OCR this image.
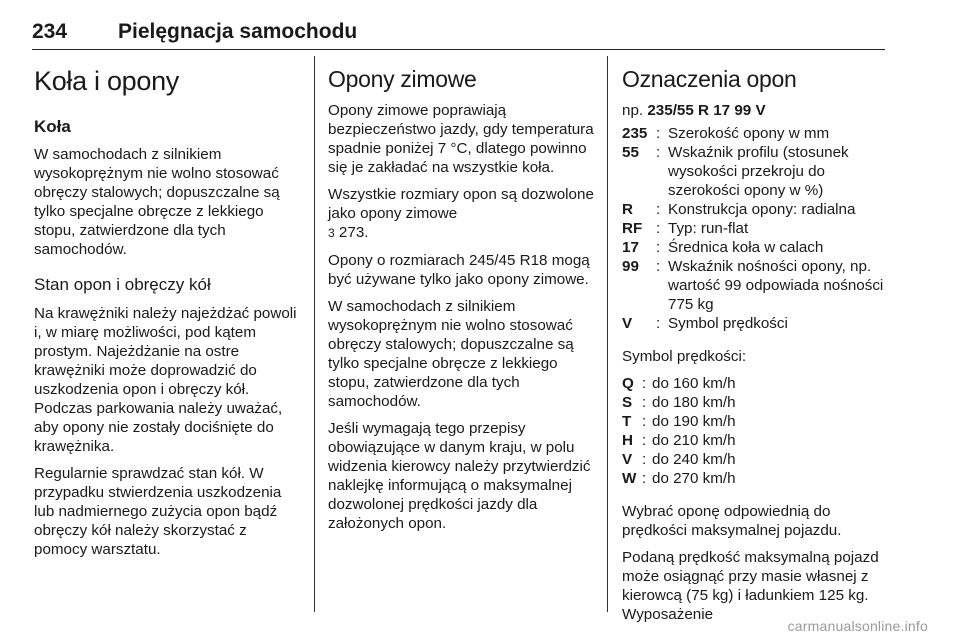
234 Pielęgnacja samochodu
Koła i opony
Koła

W samochodach z silnikiem wysokoprężnym nie wolno stosować obręczy stalowych; dopuszczalne są tylko specjalne obręcze z lekkiego stopu, zatwierdzone dla tych samochodów.

Stan opon i obręczy kół

Na krawężniki należy najeżdżać powoli i, w miarę możliwości, pod kątem prostym. Najeżdżanie na ostre krawężniki może doprowadzić do uszkodzenia opon i obręczy kół. Podczas parkowania należy uważać, aby opony nie zostały dociśnięte do krawężnika.

Regularnie sprawdzać stan kół. W przypadku stwierdzenia uszkodzenia lub nadmiernego zużycia opon bądź obręczy kół należy skorzystać z pomocy warsztatu.

Opony zimowe

Opony zimowe poprawiają bezpieczeństwo jazdy, gdy temperatura spadnie poniżej 7 °C, dlatego powinno się je zakładać na wszystkie koła.

Wszystkie rozmiary opon są dozwolone jako opony zimowe
3 273.

Opony o rozmiarach 245/45 R18 mogą być używane tylko jako opony zimowe.

W samochodach z silnikiem wysokoprężnym nie wolno stosować obręczy stalowych; dopuszczalne są tylko specjalne obręcze z lekkiego stopu, zatwierdzone dla tych samochodów.

Jeśli wymagają tego przepisy obowiązujące w danym kraju, w polu widzenia kierowcy należy przytwierdzić naklejkę informującą o maksymalnej dozwolonej prędkości jazdy dla założonych opon.

Oznaczenia opon

np. 235/55 R 17 99 V

235	:	Szerokość opony w mm
55	:	Wskaźnik profilu (stosunek wysokości przekroju do szerokości opony w %)
R	:	Konstrukcja opony: radialna
RF	:	Typ: run-flat
17	:	Średnica koła w calach
99	:	Wskaźnik nośności opony, np. wartość 99 odpowiada nośności 775 kg
V	:	Symbol prędkości

Symbol prędkości:

Q	:	do 160 km/h
S	:	do 180 km/h
T	:	do 190 km/h
H	:	do 210 km/h
V	:	do 240 km/h
W	:	do 270 km/h

Wybrać oponę odpowiednią do prędkości maksymalnej pojazdu.

Podaną prędkość maksymalną pojazd może osiągnąć przy masie własnej z kierowcą (75 kg) i ładunkiem 125 kg. Wyposażenie

carmanualsonline.info
